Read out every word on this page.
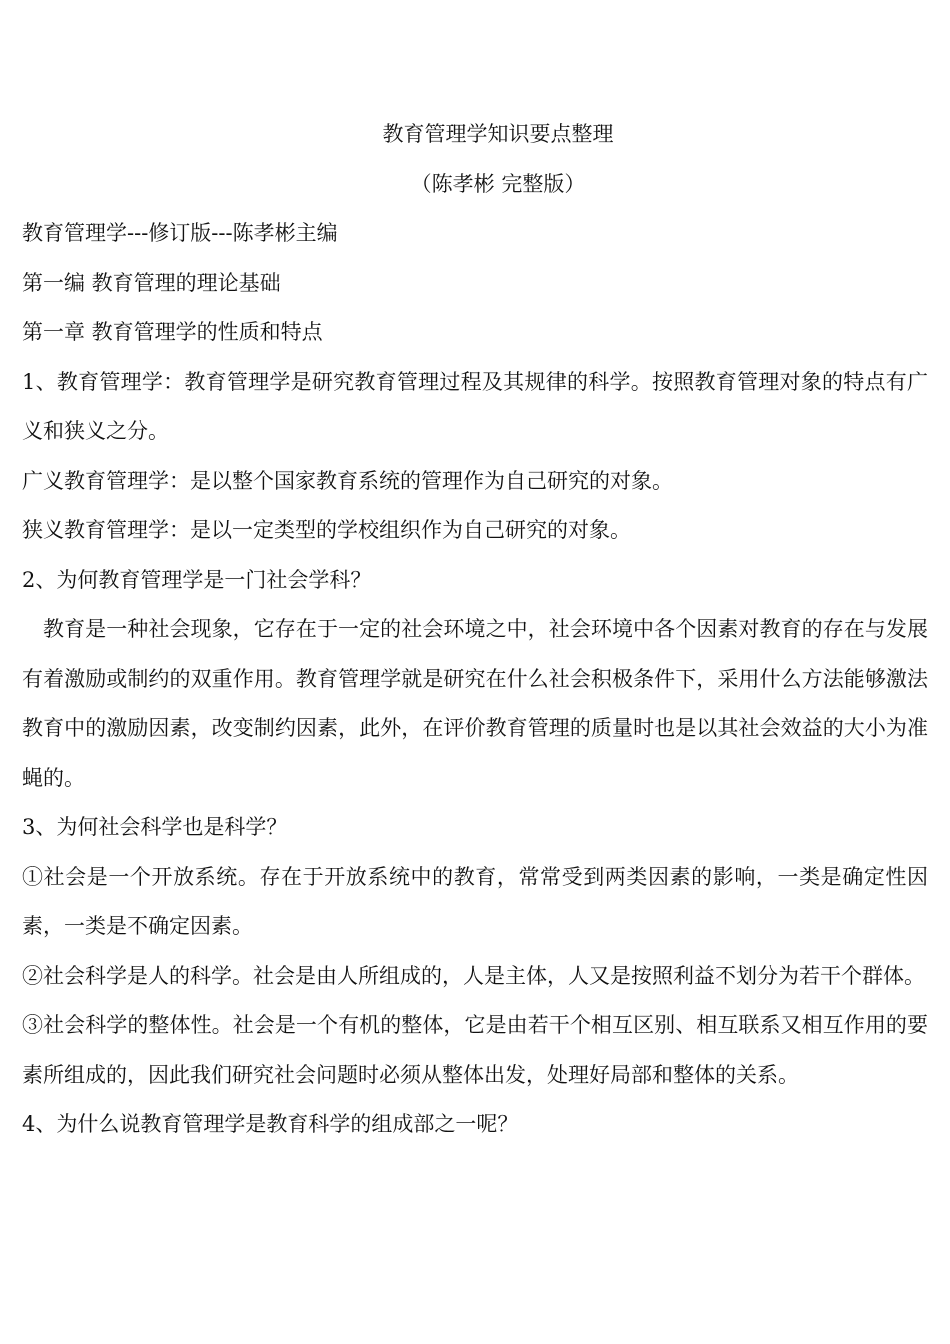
教育管理学知识要点整理

（陈孝彬 完整版）

教育管理学---修订版---陈孝彬主编

第一编 教育管理的理论基础

第一章 教育管理学的性质和特点

1、教育管理学：教育管理学是研究教育管理过程及其规律的科学。按照教育管理对象的特点有广义和狭义之分。

广义教育管理学：是以整个国家教育系统的管理作为自己研究的对象。

狭义教育管理学：是以一定类型的学校组织作为自己研究的对象。

2、为何教育管理学是一门社会学科？

教育是一种社会现象，它存在于一定的社会环境之中，社会环境中各个因素对教育的存在与发展有着激励或制约的双重作用。教育管理学就是研究在什么社会积极条件下，采用什么方法能够激法教育中的激励因素，改变制约因素，此外，在评价教育管理的质量时也是以其社会效益的大小为准蝇的。

3、为何社会科学也是科学？

①社会是一个开放系统。存在于开放系统中的教育，常常受到两类因素的影响，一类是确定性因素，一类是不确定因素。

②社会科学是人的科学。社会是由人所组成的，人是主体，人又是按照利益不划分为若干个群体。

③社会科学的整体性。社会是一个有机的整体，它是由若干个相互区别、相互联系又相互作用的要素所组成的，因此我们研究社会问题时必须从整体出发，处理好局部和整体的关系。

4、为什么说教育管理学是教育科学的组成部之一呢？
